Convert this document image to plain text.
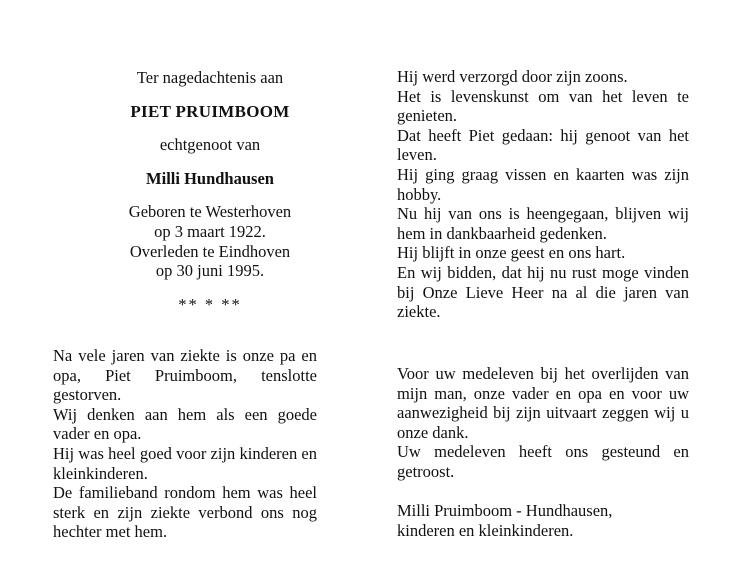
Ter nagedachtenis aan
PIET PRUIMBOOM
echtgenoot van
Milli Hundhausen
Geboren te Westerhoven
op 3 maart 1922.
Overleden te Eindhoven
op 30 juni 1995.
** * **

Na vele jaren van ziekte is onze pa en opa, Piet Pruimboom, tenslotte gestorven.

Wij denken aan hem als een goede vader en opa.

Hij was heel goed voor zijn kinderen en kleinkinderen.

De familieband rondom hem was heel sterk en zijn ziekte verbond ons nog hechter met hem.

Hij werd verzorgd door zijn zoons.

Het is levenskunst om van het leven te genieten.

Dat heeft Piet gedaan: hij genoot van het leven.

Hij ging graag vissen en kaarten was zijn hobby.

Nu hij van ons is heengegaan, blijven wij hem in dankbaarheid gedenken.

Hij blijft in onze geest en ons hart.

En wij bidden, dat hij nu rust moge vinden bij Onze Lieve Heer na al die jaren van ziekte.

Voor uw medeleven bij het overlijden van mijn man, onze vader en opa en voor uw aanwezigheid bij zijn uitvaart zeggen wij u onze dank.

Uw medeleven heeft ons gesteund en getroost.

Milli Pruimboom - Hundhausen,
kinderen en kleinkinderen.
